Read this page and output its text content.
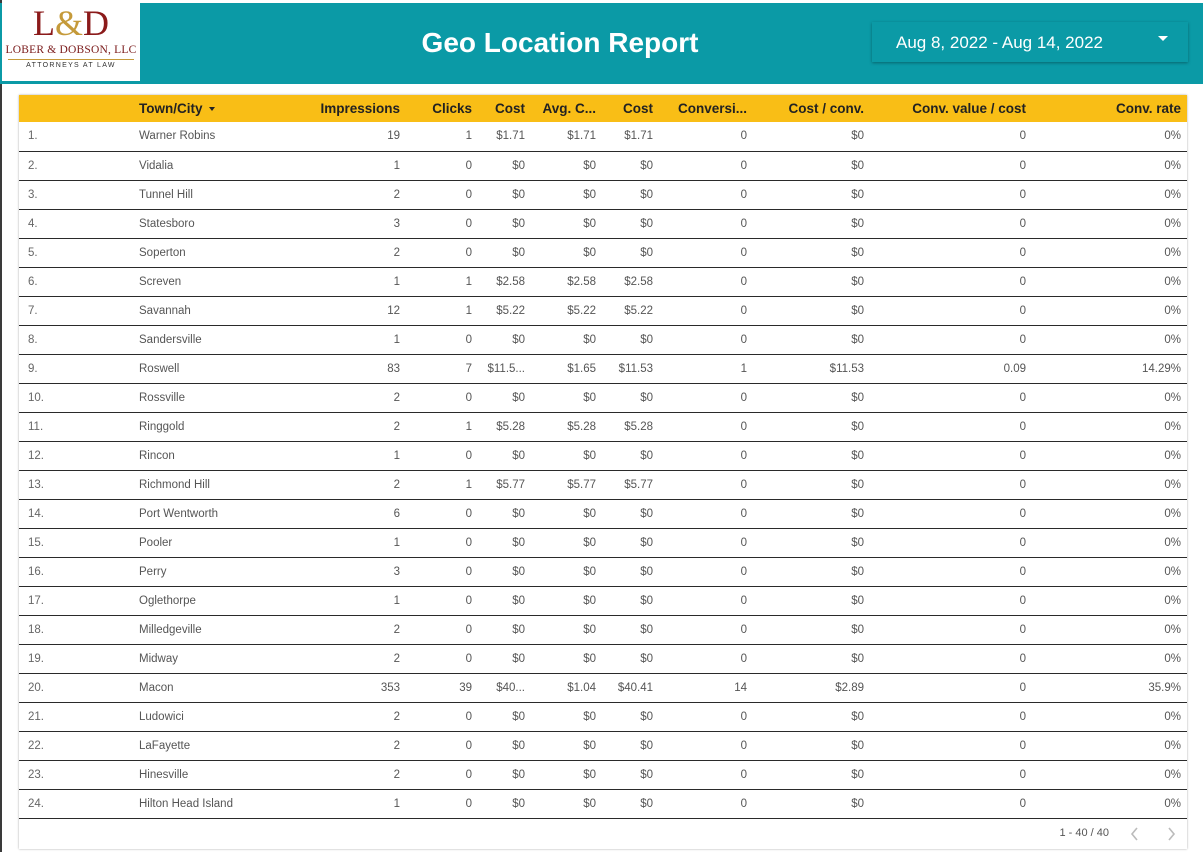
Geo Location Report	Aug 8, 2022 - Aug 14, 2022
L&D
LOBER & DOBSON, LLC
ATTORNEYS AT LAW
	Town/City	Impressions	Clicks	Cost	Avg. C...	Cost	Conversi...	Cost / conv.	Conv. value / cost	Conv. rate
1.	Warner Robins	19	1	$1.71	$1.71	$1.71	0	$0	0	0%
2.	Vidalia	1	0	$0	$0	$0	0	$0	0	0%
3.	Tunnel Hill	2	0	$0	$0	$0	0	$0	0	0%
4.	Statesboro	3	0	$0	$0	$0	0	$0	0	0%
5.	Soperton	2	0	$0	$0	$0	0	$0	0	0%
6.	Screven	1	1	$2.58	$2.58	$2.58	0	$0	0	0%
7.	Savannah	12	1	$5.22	$5.22	$5.22	0	$0	0	0%
8.	Sandersville	1	0	$0	$0	$0	0	$0	0	0%
9.	Roswell	83	7	$11.5...	$1.65	$11.53	1	$11.53	0.09	14.29%
10.	Rossville	2	0	$0	$0	$0	0	$0	0	0%
11.	Ringgold	2	1	$5.28	$5.28	$5.28	0	$0	0	0%
12.	Rincon	1	0	$0	$0	$0	0	$0	0	0%
13.	Richmond Hill	2	1	$5.77	$5.77	$5.77	0	$0	0	0%
14.	Port Wentworth	6	0	$0	$0	$0	0	$0	0	0%
15.	Pooler	1	0	$0	$0	$0	0	$0	0	0%
16.	Perry	3	0	$0	$0	$0	0	$0	0	0%
17.	Oglethorpe	1	0	$0	$0	$0	0	$0	0	0%
18.	Milledgeville	2	0	$0	$0	$0	0	$0	0	0%
19.	Midway	2	0	$0	$0	$0	0	$0	0	0%
20.	Macon	353	39	$40...	$1.04	$40.41	14	$2.89	0	35.9%
21.	Ludowici	2	0	$0	$0	$0	0	$0	0	0%
22.	LaFayette	2	0	$0	$0	$0	0	$0	0	0%
23.	Hinesville	2	0	$0	$0	$0	0	$0	0	0%
24.	Hilton Head Island	1	0	$0	$0	$0	0	$0	0	0%
1 - 40 / 40
